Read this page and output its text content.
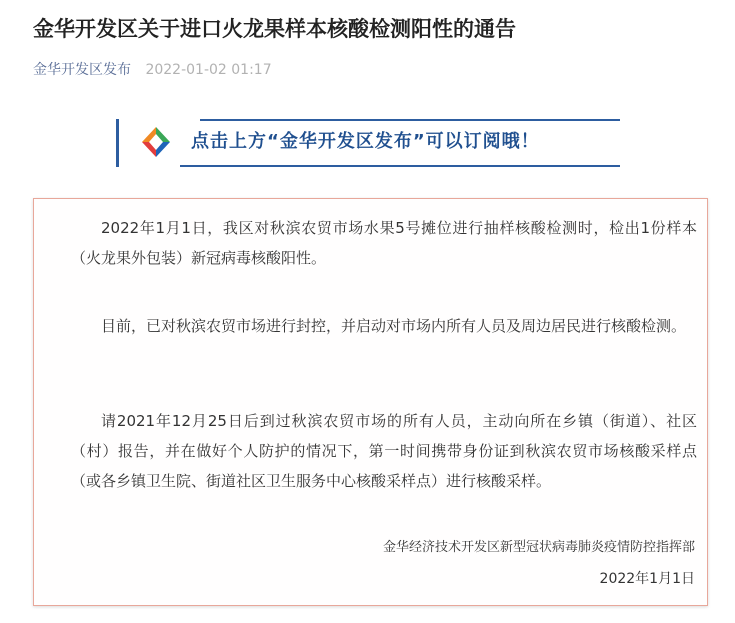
金华开发区关于进口火龙果样本核酸检测阳性的通告
金华开发区发布 2022-01-02 01:17
点击上方“金华开发区发布”可以订阅哦！
2022年1月1日，我区对秋滨农贸市场水果5号摊位进行抽样核酸检测时，检出1份样本（火龙果外包装）新冠病毒核酸阳性。
目前，已对秋滨农贸市场进行封控，并启动对市场内所有人员及周边居民进行核酸检测。
请2021年12月25日后到过秋滨农贸市场的所有人员，主动向所在乡镇（街道）、社区（村）报告，并在做好个人防护的情况下，第一时间携带身份证到秋滨农贸市场核酸采样点（或各乡镇卫生院、街道社区卫生服务中心核酸采样点）进行核酸采样。
金华经济技术开发区新型冠状病毒肺炎疫情防控指挥部
2022年1月1日
